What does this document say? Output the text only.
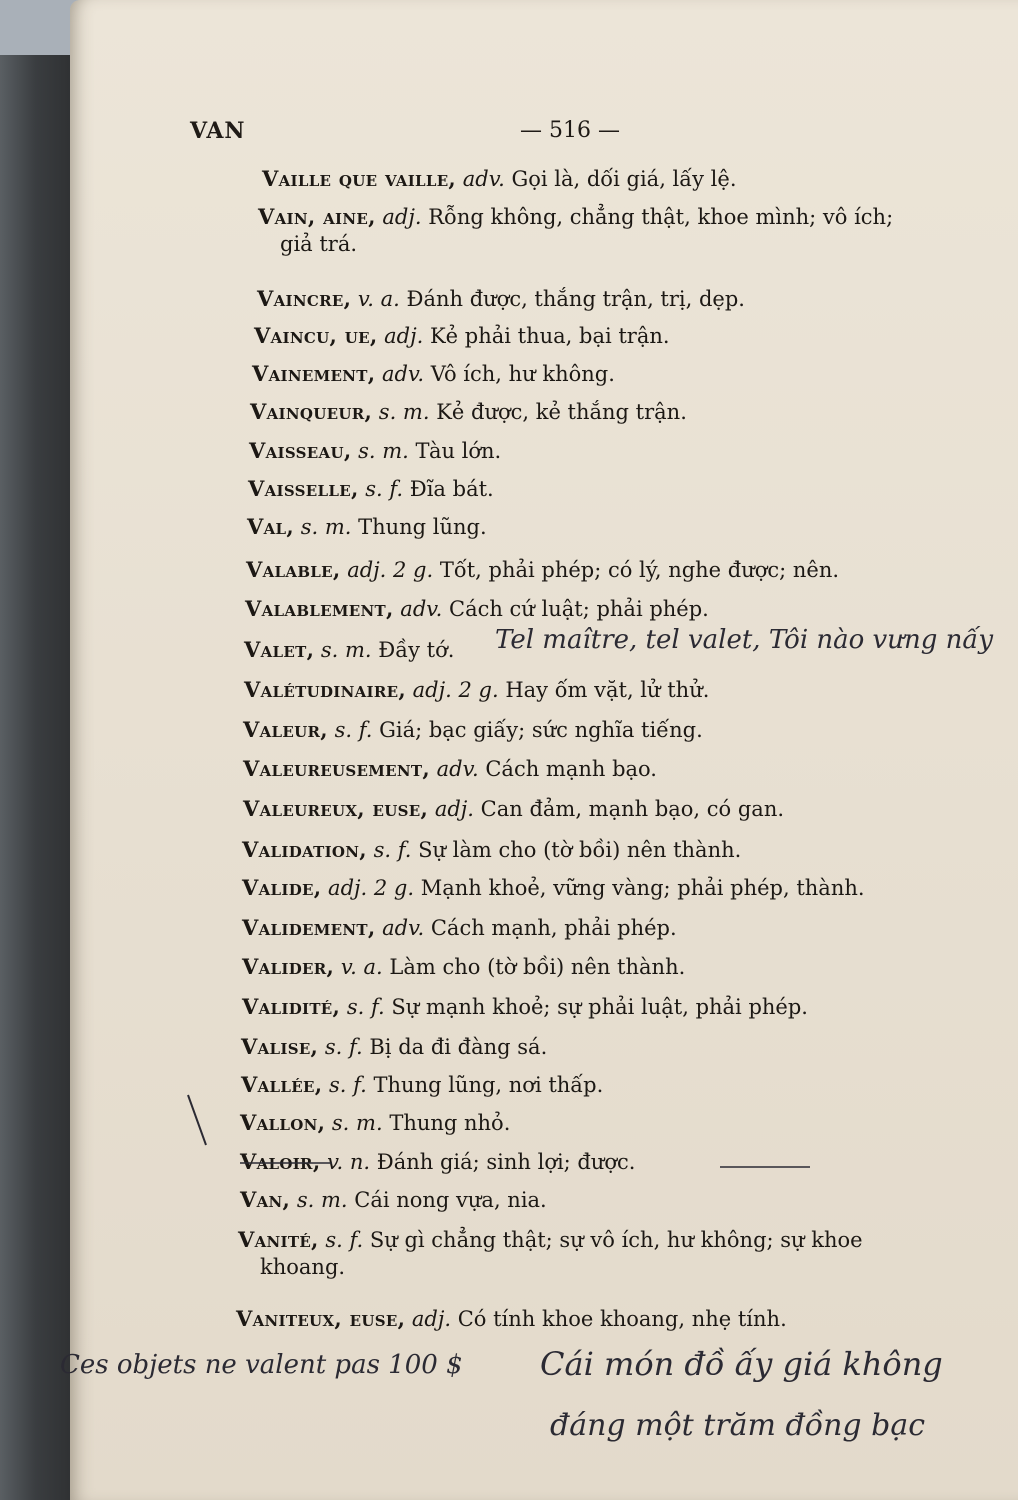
VAN	— 516 —
Vaille que vaille, adv. Gọi là, dối giá, lấy lệ.
Vain, aine, adj. Rỗng không, chẳng thật, khoe mình; vô ích;
giả trá.
Vaincre, v. a. Đánh được, thắng trận, trị, dẹp.
Vaincu, ue, adj. Kẻ phải thua, bại trận.
Vainement, adv. Vô ích, hư không.
Vainqueur, s. m. Kẻ được, kẻ thắng trận.
Vaisseau, s. m. Tàu lớn.
Vaisselle, s. f. Đĩa bát.
Val, s. m. Thung lũng.
Valable, adj. 2 g. Tốt, phải phép; có lý, nghe được; nên.
Valablement, adv. Cách cứ luật; phải phép.
Valet, s. m. Đầy tớ.
Valétudinaire, adj. 2 g. Hay ốm vặt, lử thử.
Valeur, s. f. Giá; bạc giấy; sức nghĩa tiếng.
Valeureusement, adv. Cách mạnh bạo.
Valeureux, euse, adj. Can đảm, mạnh bạo, có gan.
Validation, s. f. Sự làm cho (tờ bồi) nên thành.
Valide, adj. 2 g. Mạnh khoẻ, vững vàng; phải phép, thành.
Validement, adv. Cách mạnh, phải phép.
Valider, v. a. Làm cho (tờ bồi) nên thành.
Validité, s. f. Sự mạnh khoẻ; sự phải luật, phải phép.
Valise, s. f. Bị da đi đàng sá.
Vallée, s. f. Thung lũng, nơi thấp.
Vallon, s. m. Thung nhỏ.
Valoir, v. n. Đánh giá; sinh lợi; được.
Van, s. m. Cái nong vựa, nia.
Vanité, s. f. Sự gì chẳng thật; sự vô ích, hư không; sự khoe
khoang.
Vaniteux, euse, adj. Có tính khoe khoang, nhẹ tính.
Tel maître, tel valet, Tôi nào vưng nấy
Ces objets ne valent pas 100 $ Cái món đồ ấy giá không
đáng một trăm đồng bạc
